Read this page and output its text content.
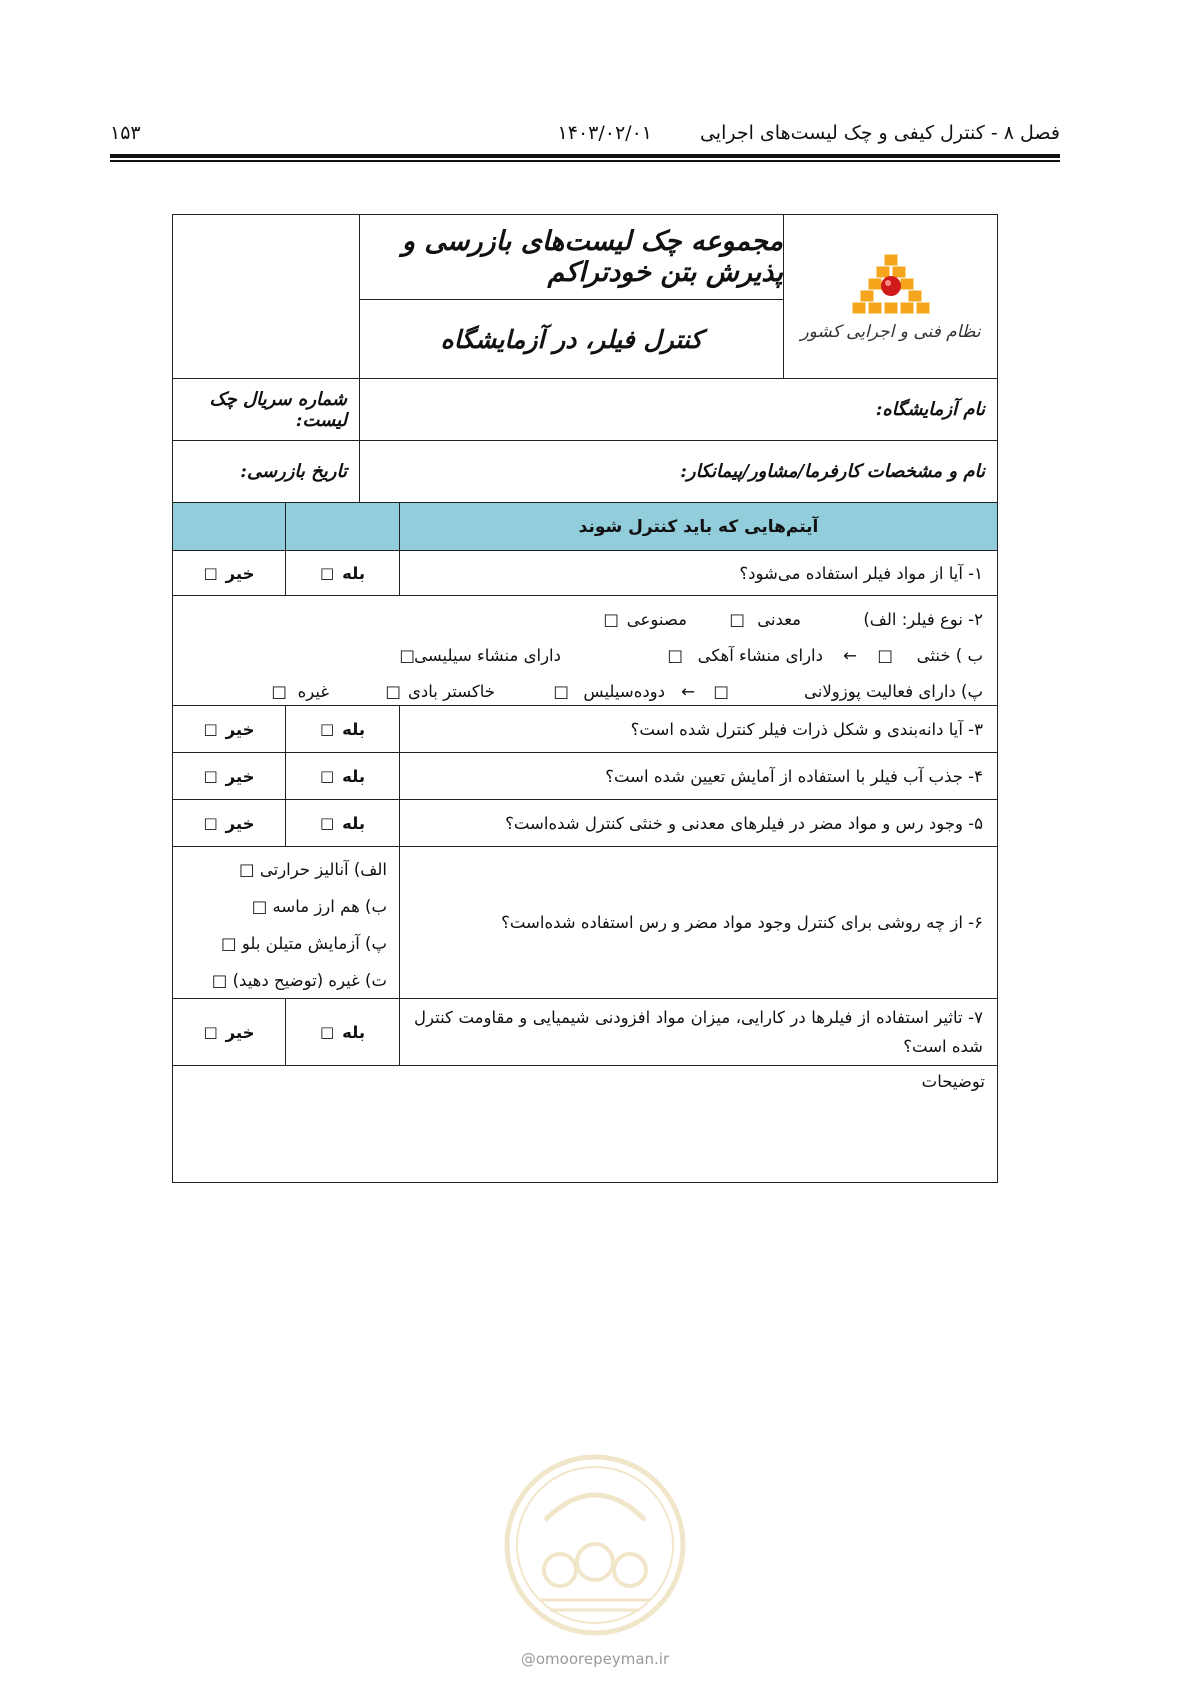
فصل ۸ - کنترل کیفی و چک لیست‌های اجرایی
۱۴۰۳/۰۲/۰۱
۱۵۳
نظام فنی و اجرایی کشور
مجموعه چک لیست‌های بازرسی و پذیرش بتن خودتراکم
کنترل فیلر، در آزمایشگاه
نام آزمایشگاه:
شماره سریال چک لیست:
نام و مشخصات کارفرما/مشاور/پیمانکار:
تاریخ بازرسی:
آیتم‌هایی که باید کنترل شوند
۱- آیا از مواد فیلر استفاده می‌شود؟
بله
□
خیر
□
۲- نوع فیلر: الف)
معدنی
□
مصنوعی
□
ب ) خنثی
□
←
دارای منشاء آهکی
□
دارای منشاء سیلیسی
□
پ) دارای فعالیت پوزولانی
□
←
دوده‌سیلیس
□
خاکستر بادی
□
غیره
□
۳- آیا دانه‌بندی و شکل ذرات فیلر کنترل شده است؟
بله
□
خیر
□
۴- جذب آب فیلر با استفاده از آمایش تعیین شده است؟
بله
□
خیر
□
۵- وجود رس و مواد مضر در فیلرهای معدنی و خنثی کنترل شده‌است؟
بله
□
خیر
□
۶- از چه روشی برای کنترل وجود مواد مضر و رس استفاده شده‌است؟
الف) آنالیز حرارتی □
ب) هم ارز ماسه □
پ) آزمایش متیلن بلو □
ت) غیره (توضیح دهید) □
۷- تاثیر استفاده از فیلرها در کارایی، میزان مواد افزودنی شیمیایی و مقاومت کنترل شده است؟
بله
□
خیر
□
توضیحات
@omoorepeyman.ir
